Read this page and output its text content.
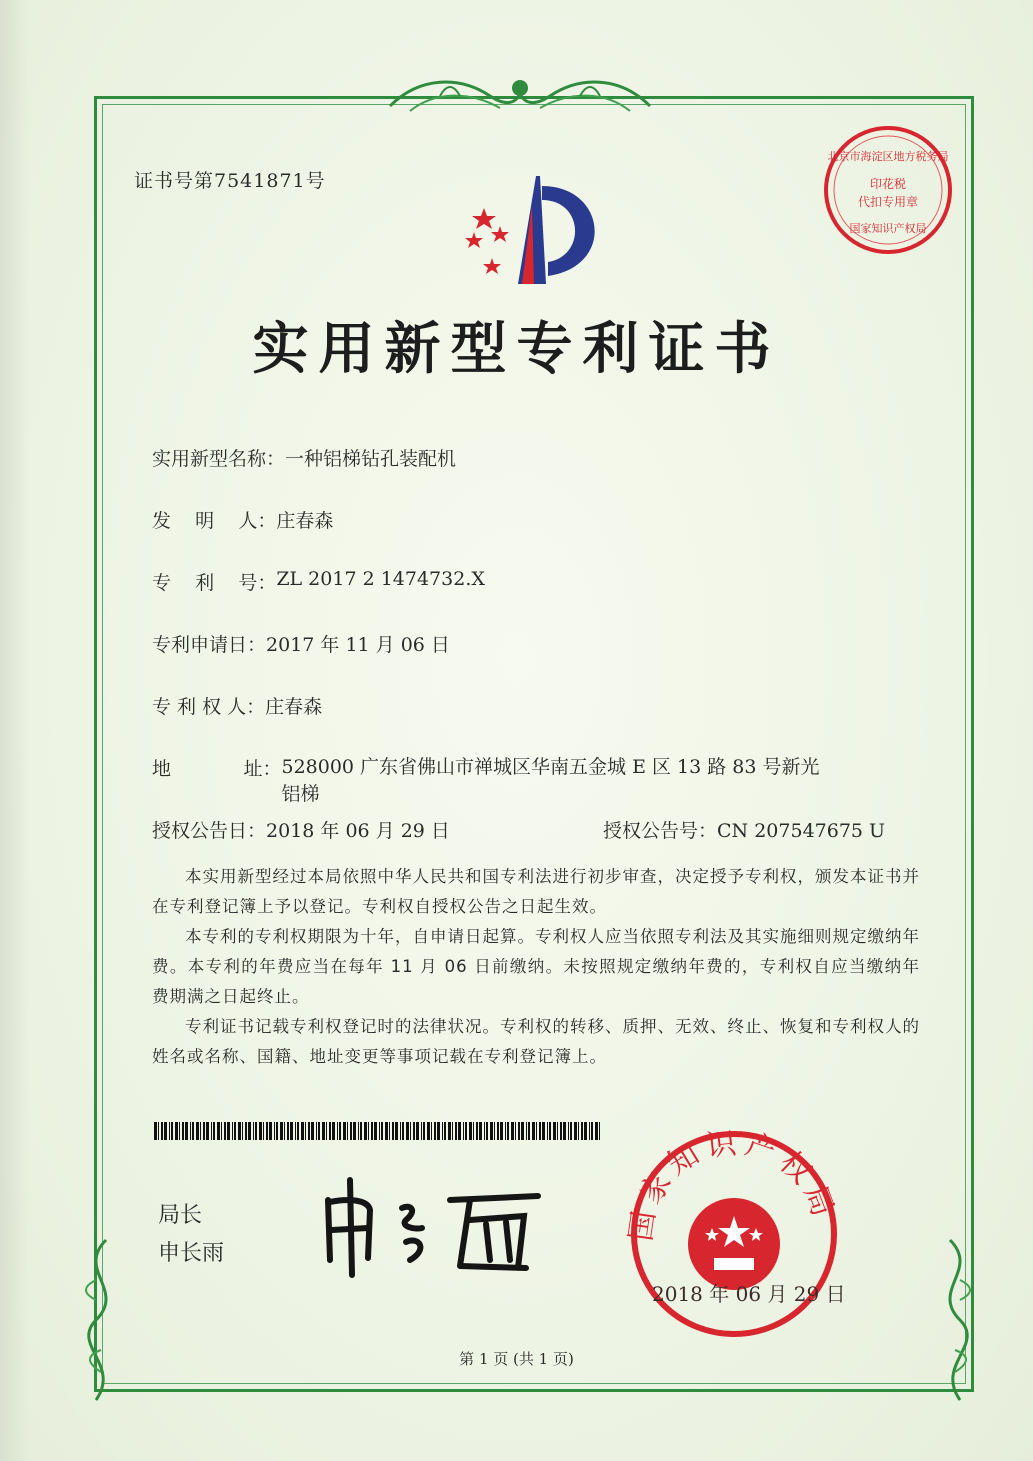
证书号第7541871号
北京市海淀区地方税务局
印花税
代扣专用章
国家知识产权局
实用新型专利证书
实用新型名称： 一种铝梯钻孔装配机
发    明    人： 庄春森
专    利    号： ZL 2017 2 1474732.X
专利申请日： 2017 年 11 月 06 日
专 利 权 人： 庄春森
地            址： 528000 广东省佛山市禅城区华南五金城 E 区 13 路 83 号新光铝梯
授权公告日： 2018 年 06 月 29 日	授权公告号：CN 207547675 U

本实用新型经过本局依照中华人民共和国专利法进行初步审查，决定授予专利权，颁发本证书并在专利登记簿上予以登记。专利权自授权公告之日起生效。

本专利的专利权期限为十年，自申请日起算。专利权人应当依照专利法及其实施细则规定缴纳年费。本专利的年费应当在每年 11 月 06 日前缴纳。未按照规定缴纳年费的，专利权自应当缴纳年费期满之日起终止。

专利证书记载专利权登记时的法律状况。专利权的转移、质押、无效、终止、恢复和专利权人的姓名或名称、国籍、地址变更等事项记载在专利登记簿上。

局长
申长雨
国家知识产权局
2018 年 06 月 29 日
第 1 页 (共 1 页)
